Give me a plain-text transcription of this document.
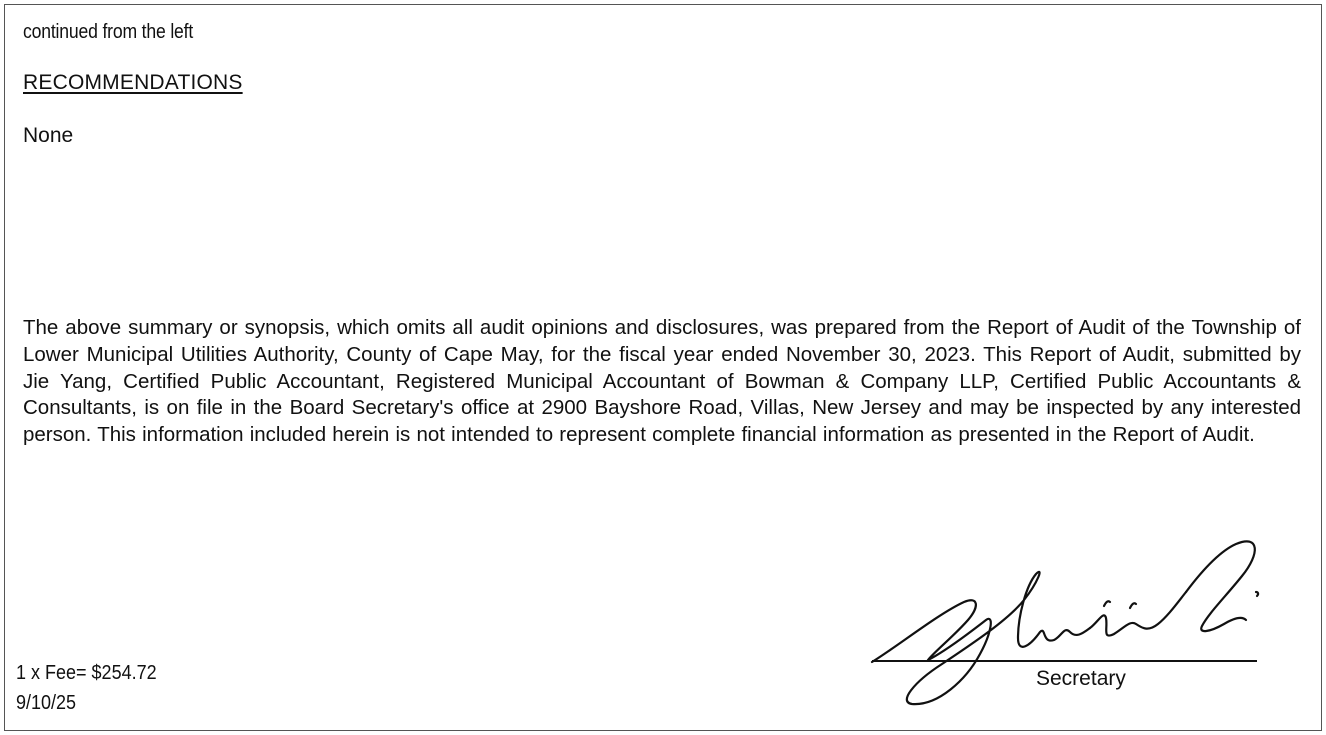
continued from the left
RECOMMENDATIONS
None
The above summary or synopsis, which omits all audit opinions and disclosures, was prepared from the Report of Audit of the Township of Lower Municipal Utilities Authority, County of Cape May, for the fiscal year ended November 30, 2023. This Report of Audit, submitted by Jie Yang, Certified Public Accountant, Registered Municipal Accountant of Bowman & Company LLP, Certified Public Accountants & Consultants, is on file in the Board Secretary's office at 2900 Bayshore Road, Villas, New Jersey and may be inspected by any interested person. This information included herein is not intended to represent complete financial information as presented in the Report of Audit.
1 x Fee= $254.72
9/10/25
Secretary
